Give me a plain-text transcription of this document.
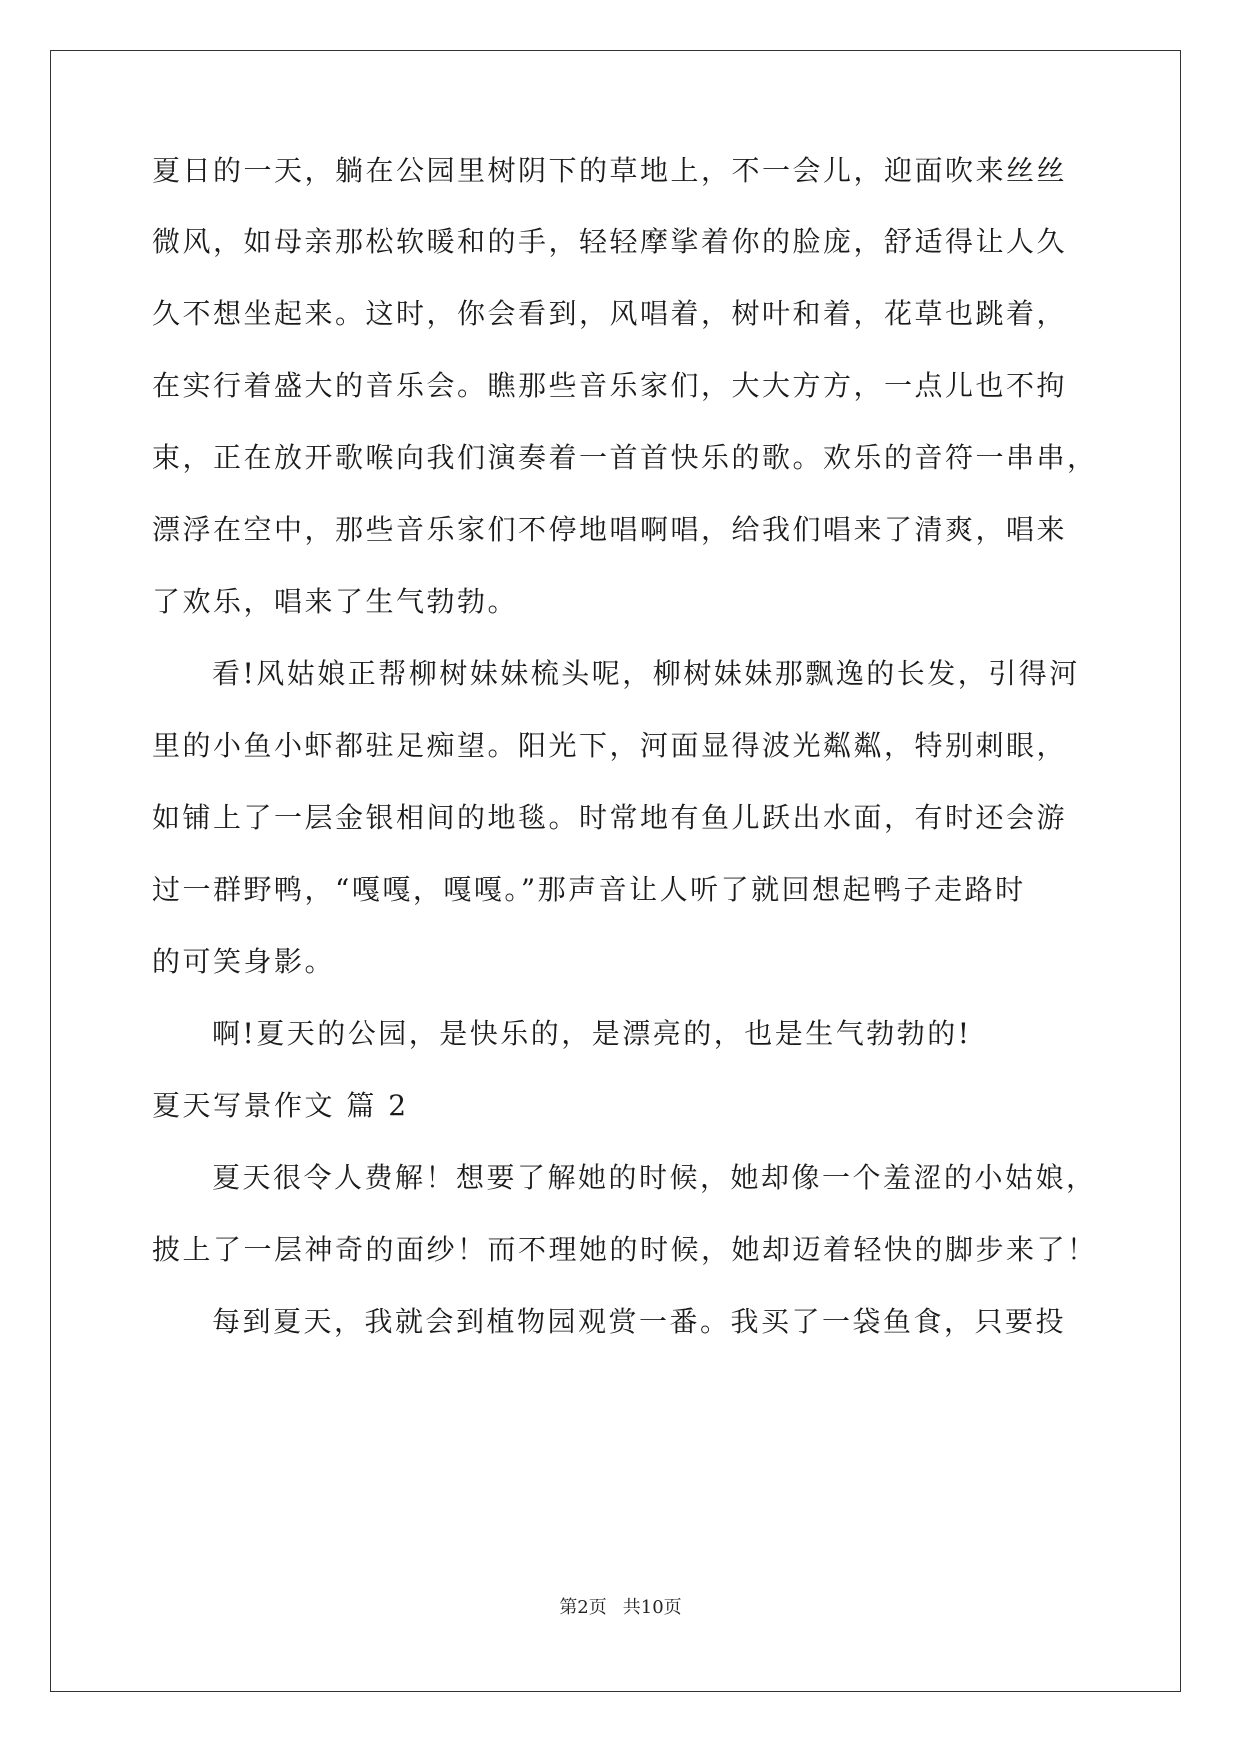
夏日的一天，躺在公园里树阴下的草地上，不一会儿，迎面吹来丝丝
微风，如母亲那松软暖和的手，轻轻摩挲着你的脸庞，舒适得让人久
久不想坐起来。这时，你会看到，风唱着，树叶和着，花草也跳着，
在实行着盛大的音乐会。瞧那些音乐家们，大大方方，一点儿也不拘
束，正在放开歌喉向我们演奏着一首首快乐的歌。欢乐的音符一串串，
漂浮在空中，那些音乐家们不停地唱啊唱，给我们唱来了清爽，唱来
了欢乐，唱来了生气勃勃。
看!风姑娘正帮柳树妹妹梳头呢，柳树妹妹那飘逸的长发，引得河
里的小鱼小虾都驻足痴望。阳光下，河面显得波光粼粼，特别刺眼，
如铺上了一层金银相间的地毯。时常地有鱼儿跃出水面，有时还会游
过一群野鸭，“嘎嘎，嘎嘎。”那声音让人听了就回想起鸭子走路时
的可笑身影。
啊!夏天的公园，是快乐的，是漂亮的，也是生气勃勃的!
夏天写景作文 篇 2
夏天很令人费解！想要了解她的时候，她却像一个羞涩的小姑娘，
披上了一层神奇的面纱！而不理她的时候，她却迈着轻快的脚步来了！
每到夏天，我就会到植物园观赏一番。我买了一袋鱼食，只要投
第2页 共10页
